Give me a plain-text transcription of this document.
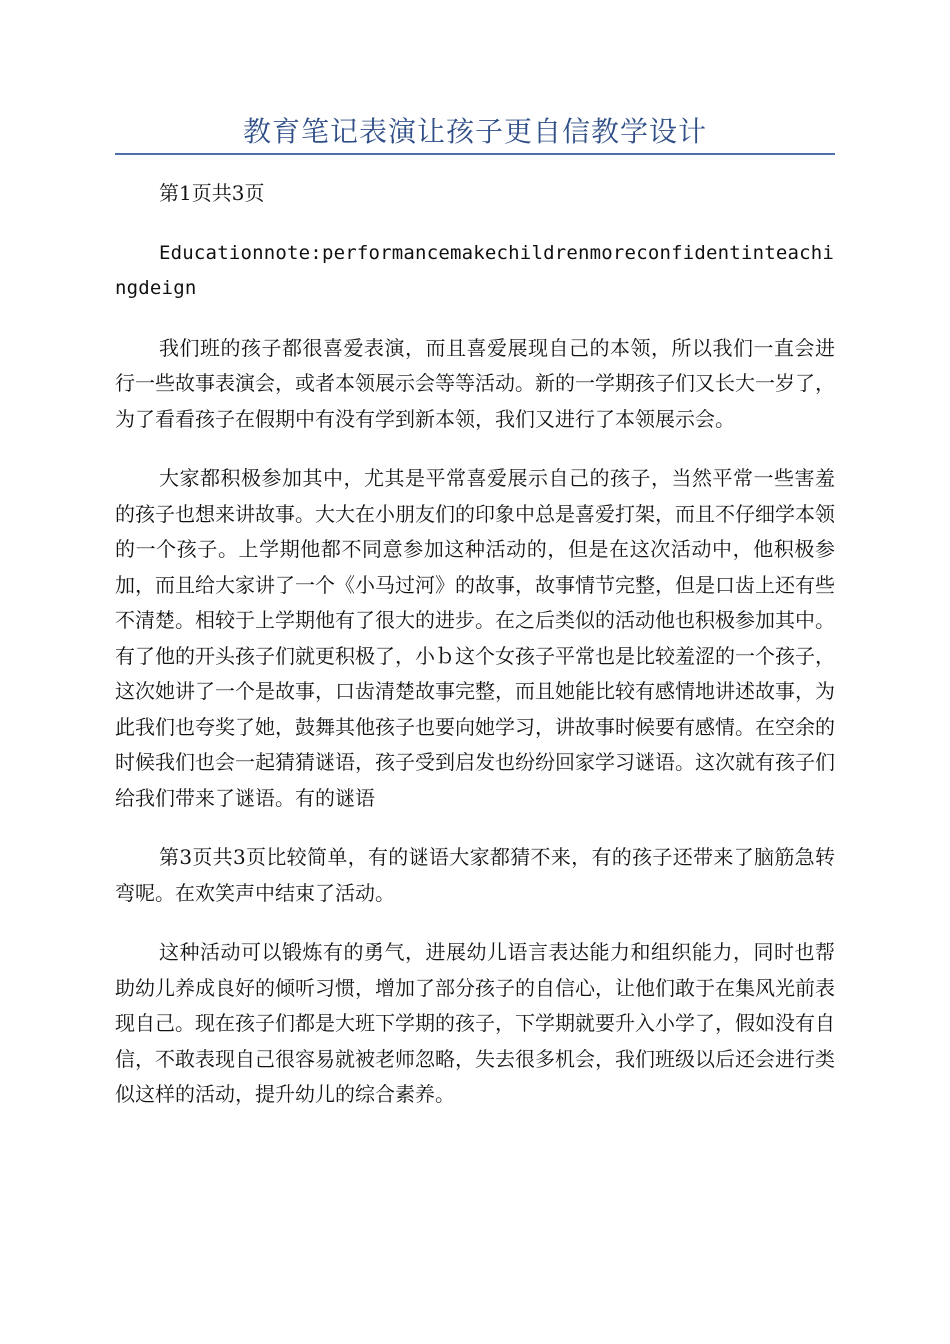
教育笔记表演让孩子更自信教学设计

第1页共3页

Educationnote:performancemakechildrenmoreconfidentinteachingdeign

我们班的孩子都很喜爱表演，而且喜爱展现自己的本领，所以我们一直会进行一些故事表演会，或者本领展示会等等活动。新的一学期孩子们又长大一岁了，为了看看孩子在假期中有没有学到新本领，我们又进行了本领展示会。

大家都积极参加其中，尤其是平常喜爱展示自己的孩子，当然平常一些害羞的孩子也想来讲故事。大大在小朋友们的印象中总是喜爱打架，而且不仔细学本领的一个孩子。上学期他都不同意参加这种活动的，但是在这次活动中，他积极参加，而且给大家讲了一个《小马过河》的故事，故事情节完整，但是口齿上还有些不清楚。相较于上学期他有了很大的进步。在之后类似的活动他也积极参加其中。有了他的开头孩子们就更积极了，小ｂ这个女孩子平常也是比较羞涩的一个孩子，这次她讲了一个是故事，口齿清楚故事完整，而且她能比较有感情地讲述故事，为此我们也夸奖了她，鼓舞其他孩子也要向她学习，讲故事时候要有感情。在空余的时候我们也会一起猜猜谜语，孩子受到启发也纷纷回家学习谜语。这次就有孩子们给我们带来了谜语。有的谜语

第3页共3页比较简单，有的谜语大家都猜不来，有的孩子还带来了脑筋急转弯呢。在欢笑声中结束了活动。

这种活动可以锻炼有的勇气，进展幼儿语言表达能力和组织能力，同时也帮助幼儿养成良好的倾听习惯，增加了部分孩子的自信心，让他们敢于在集风光前表现自己。现在孩子们都是大班下学期的孩子，下学期就要升入小学了，假如没有自信，不敢表现自己很容易就被老师忽略，失去很多机会，我们班级以后还会进行类似这样的活动，提升幼儿的综合素养。
